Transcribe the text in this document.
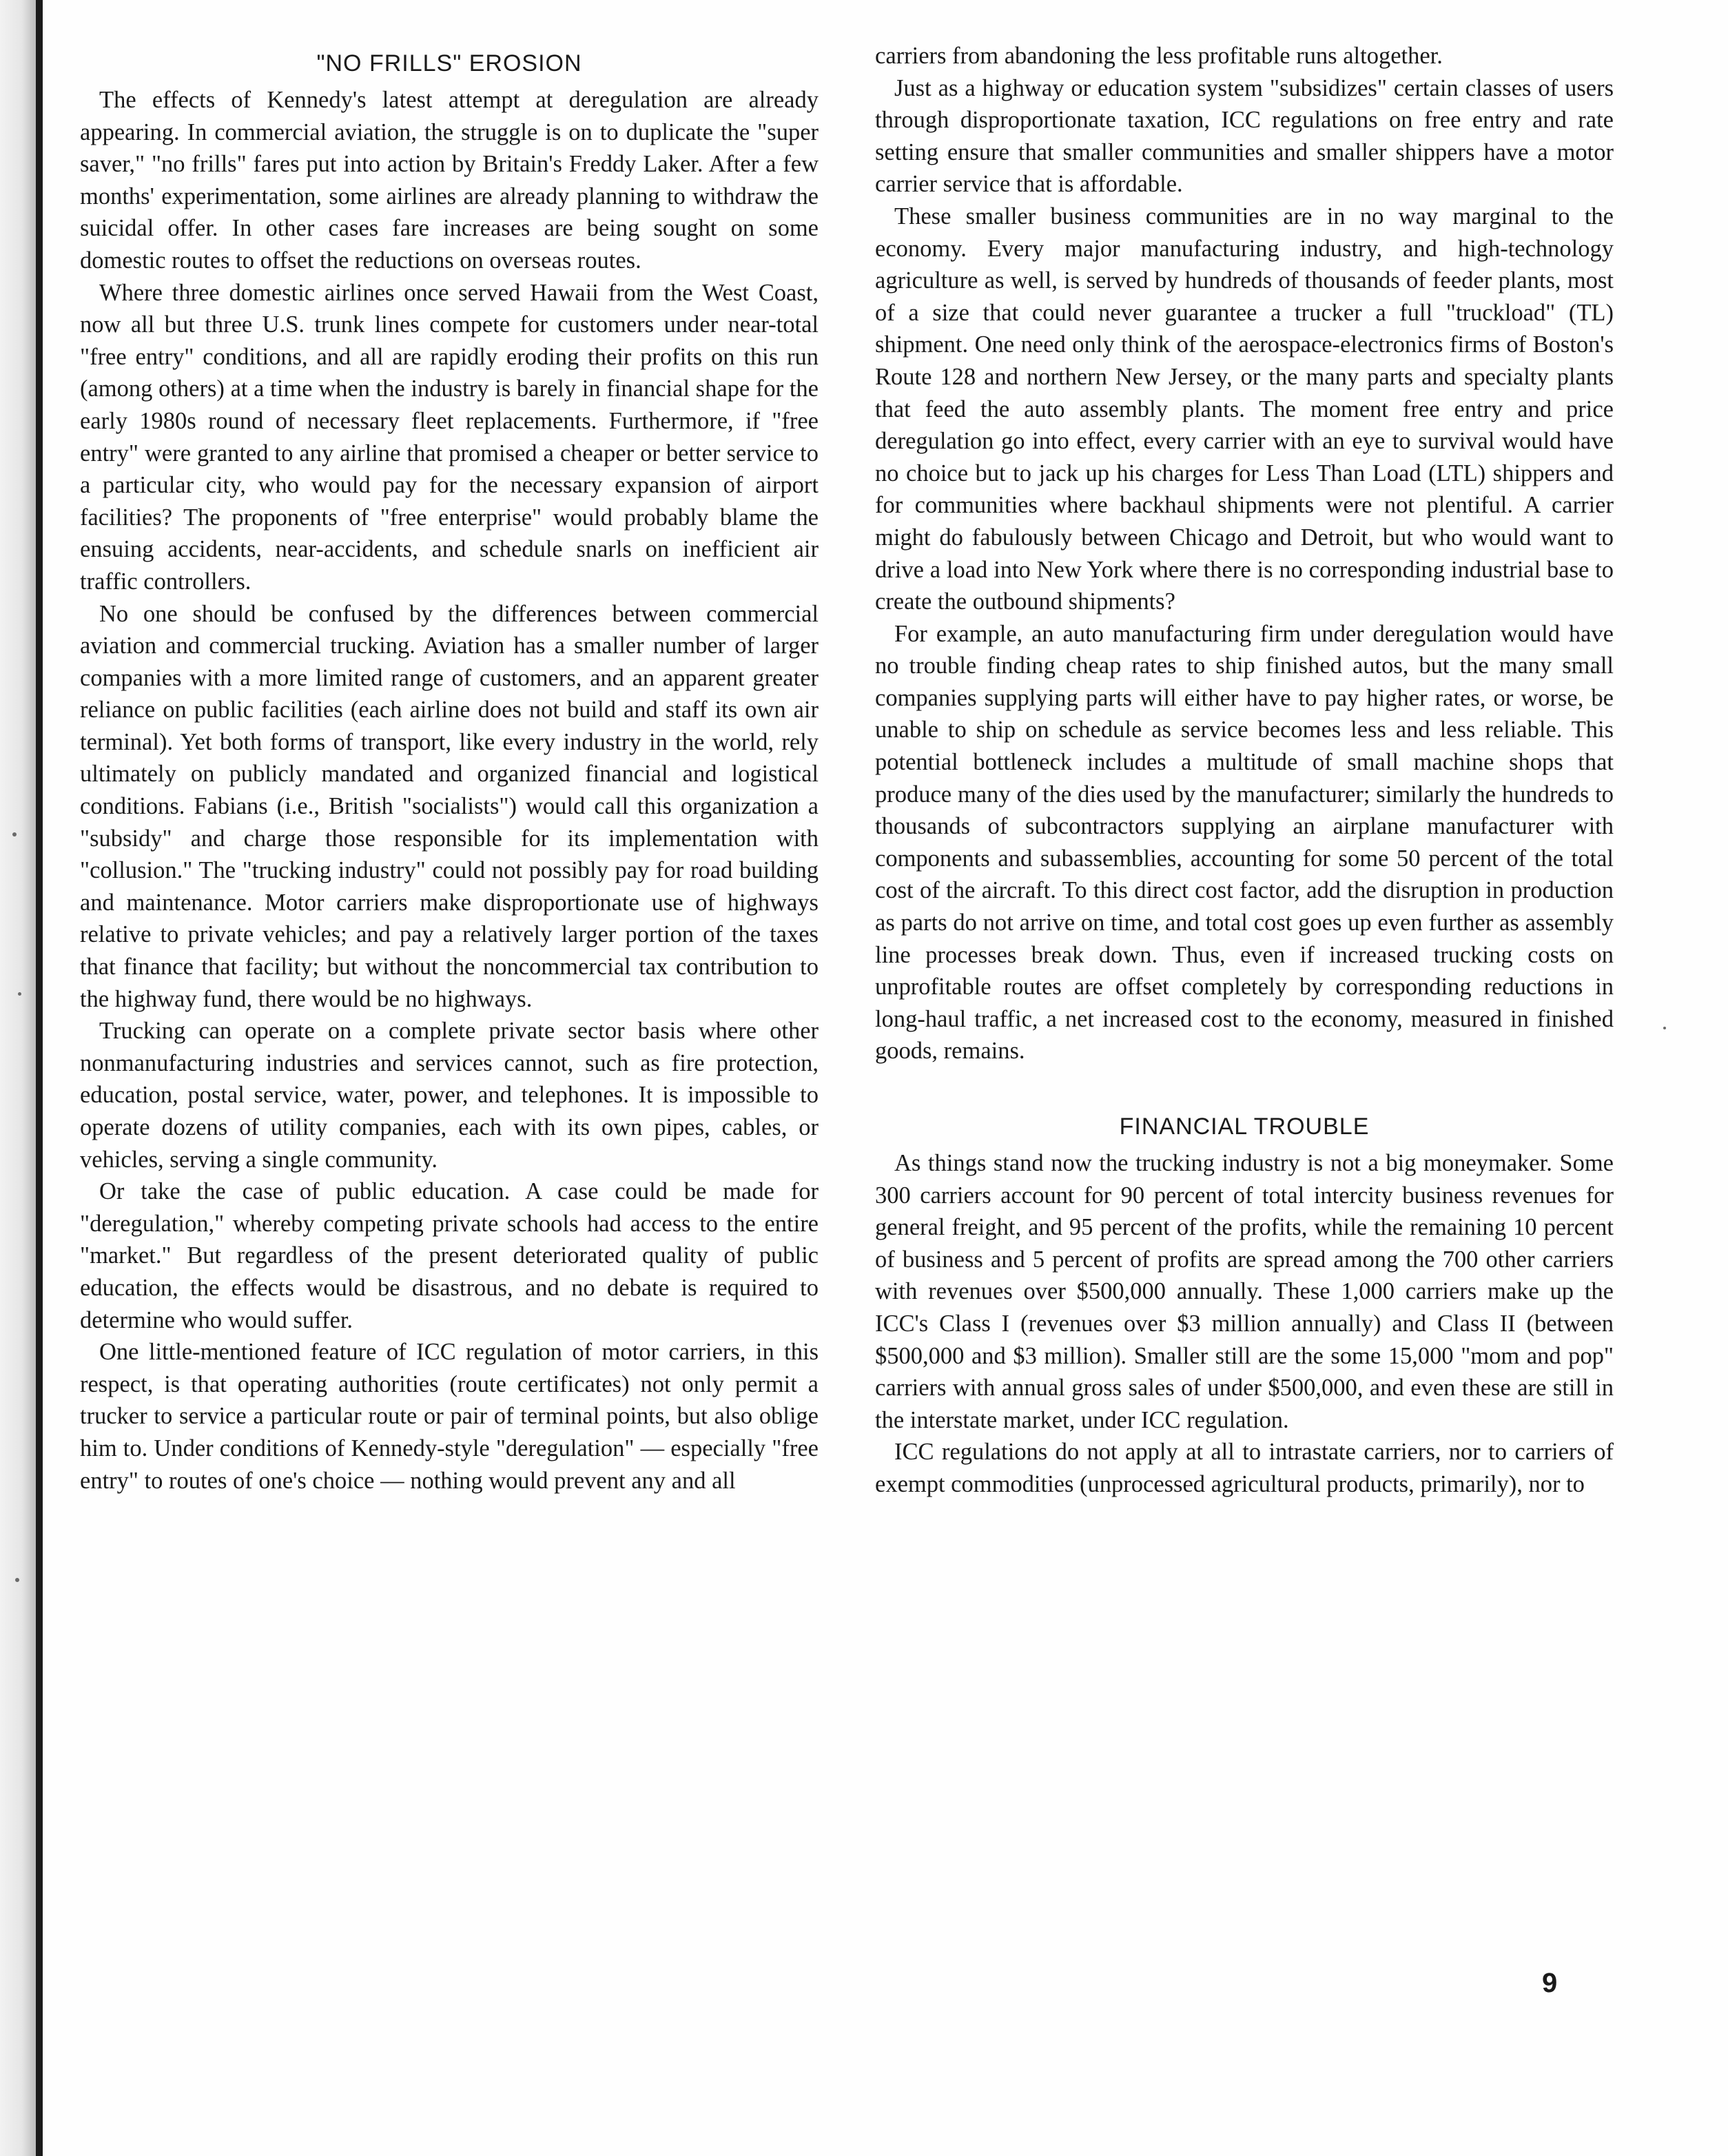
"NO FRILLS" EROSION

The effects of Kennedy's latest attempt at deregulation are already appearing. In commercial aviation, the struggle is on to duplicate the "super saver," "no frills" fares put into action by Britain's Freddy Laker. After a few months' experimentation, some airlines are already planning to withdraw the suicidal offer. In other cases fare increases are being sought on some domestic routes to offset the reductions on overseas routes.

Where three domestic airlines once served Hawaii from the West Coast, now all but three U.S. trunk lines compete for customers under near-total "free entry" conditions, and all are rapidly eroding their profits on this run (among others) at a time when the industry is barely in financial shape for the early 1980s round of necessary fleet replacements. Furthermore, if "free entry" were granted to any airline that promised a cheaper or better service to a particular city, who would pay for the necessary expansion of airport facilities? The proponents of "free enterprise" would probably blame the ensuing accidents, near-accidents, and schedule snarls on inefficient air traffic controllers.

No one should be confused by the differences between commercial aviation and commercial trucking. Aviation has a smaller number of larger companies with a more limited range of customers, and an apparent greater reliance on public facilities (each airline does not build and staff its own air terminal). Yet both forms of transport, like every industry in the world, rely ultimately on publicly mandated and organized financial and logistical conditions. Fabians (i.e., British "socialists") would call this organization a "subsidy" and charge those responsible for its implementation with "collusion." The "trucking industry" could not possibly pay for road building and maintenance. Motor carriers make disproportionate use of highways relative to private vehicles; and pay a relatively larger portion of the taxes that finance that facility; but without the noncommercial tax contribution to the highway fund, there would be no highways.

Trucking can operate on a complete private sector basis where other nonmanufacturing industries and services cannot, such as fire protection, education, postal service, water, power, and telephones. It is impossible to operate dozens of utility companies, each with its own pipes, cables, or vehicles, serving a single community.

Or take the case of public education. A case could be made for "deregulation," whereby competing private schools had access to the entire "market." But regardless of the present deteriorated quality of public education, the effects would be disastrous, and no debate is required to determine who would suffer.

One little-mentioned feature of ICC regulation of motor carriers, in this respect, is that operating authorities (route certificates) not only permit a trucker to service a particular route or pair of terminal points, but also oblige him to. Under conditions of Kennedy-style "deregulation" — especially "free entry" to routes of one's choice — nothing would prevent any and all

carriers from abandoning the less profitable runs altogether.

Just as a highway or education system "subsidizes" certain classes of users through disproportionate taxation, ICC regulations on free entry and rate setting ensure that smaller communities and smaller shippers have a motor carrier service that is affordable.

These smaller business communities are in no way marginal to the economy. Every major manufacturing industry, and high-technology agriculture as well, is served by hundreds of thousands of feeder plants, most of a size that could never guarantee a trucker a full "truckload" (TL) shipment. One need only think of the aerospace-electronics firms of Boston's Route 128 and northern New Jersey, or the many parts and specialty plants that feed the auto assembly plants. The moment free entry and price deregulation go into effect, every carrier with an eye to survival would have no choice but to jack up his charges for Less Than Load (LTL) shippers and for communities where backhaul shipments were not plentiful. A carrier might do fabulously between Chicago and Detroit, but who would want to drive a load into New York where there is no corresponding industrial base to create the outbound shipments?

For example, an auto manufacturing firm under deregulation would have no trouble finding cheap rates to ship finished autos, but the many small companies supplying parts will either have to pay higher rates, or worse, be unable to ship on schedule as service becomes less and less reliable. This potential bottleneck includes a multitude of small machine shops that produce many of the dies used by the manufacturer; similarly the hundreds to thousands of subcontractors supplying an airplane manufacturer with components and subassemblies, accounting for some 50 percent of the total cost of the aircraft. To this direct cost factor, add the disruption in production as parts do not arrive on time, and total cost goes up even further as assembly line processes break down. Thus, even if increased trucking costs on unprofitable routes are offset completely by corresponding reductions in long-haul traffic, a net increased cost to the economy, measured in finished goods, remains.

FINANCIAL TROUBLE

As things stand now the trucking industry is not a big moneymaker. Some 300 carriers account for 90 percent of total intercity business revenues for general freight, and 95 percent of the profits, while the remaining 10 percent of business and 5 percent of profits are spread among the 700 other carriers with revenues over $500,000 annually. These 1,000 carriers make up the ICC's Class I (revenues over $3 million annually) and Class II (between $500,000 and $3 million). Smaller still are the some 15,000 "mom and pop" carriers with annual gross sales of under $500,000, and even these are still in the interstate market, under ICC regulation.

ICC regulations do not apply at all to intrastate carriers, nor to carriers of exempt commodities (unprocessed agricultural products, primarily), nor to

9
